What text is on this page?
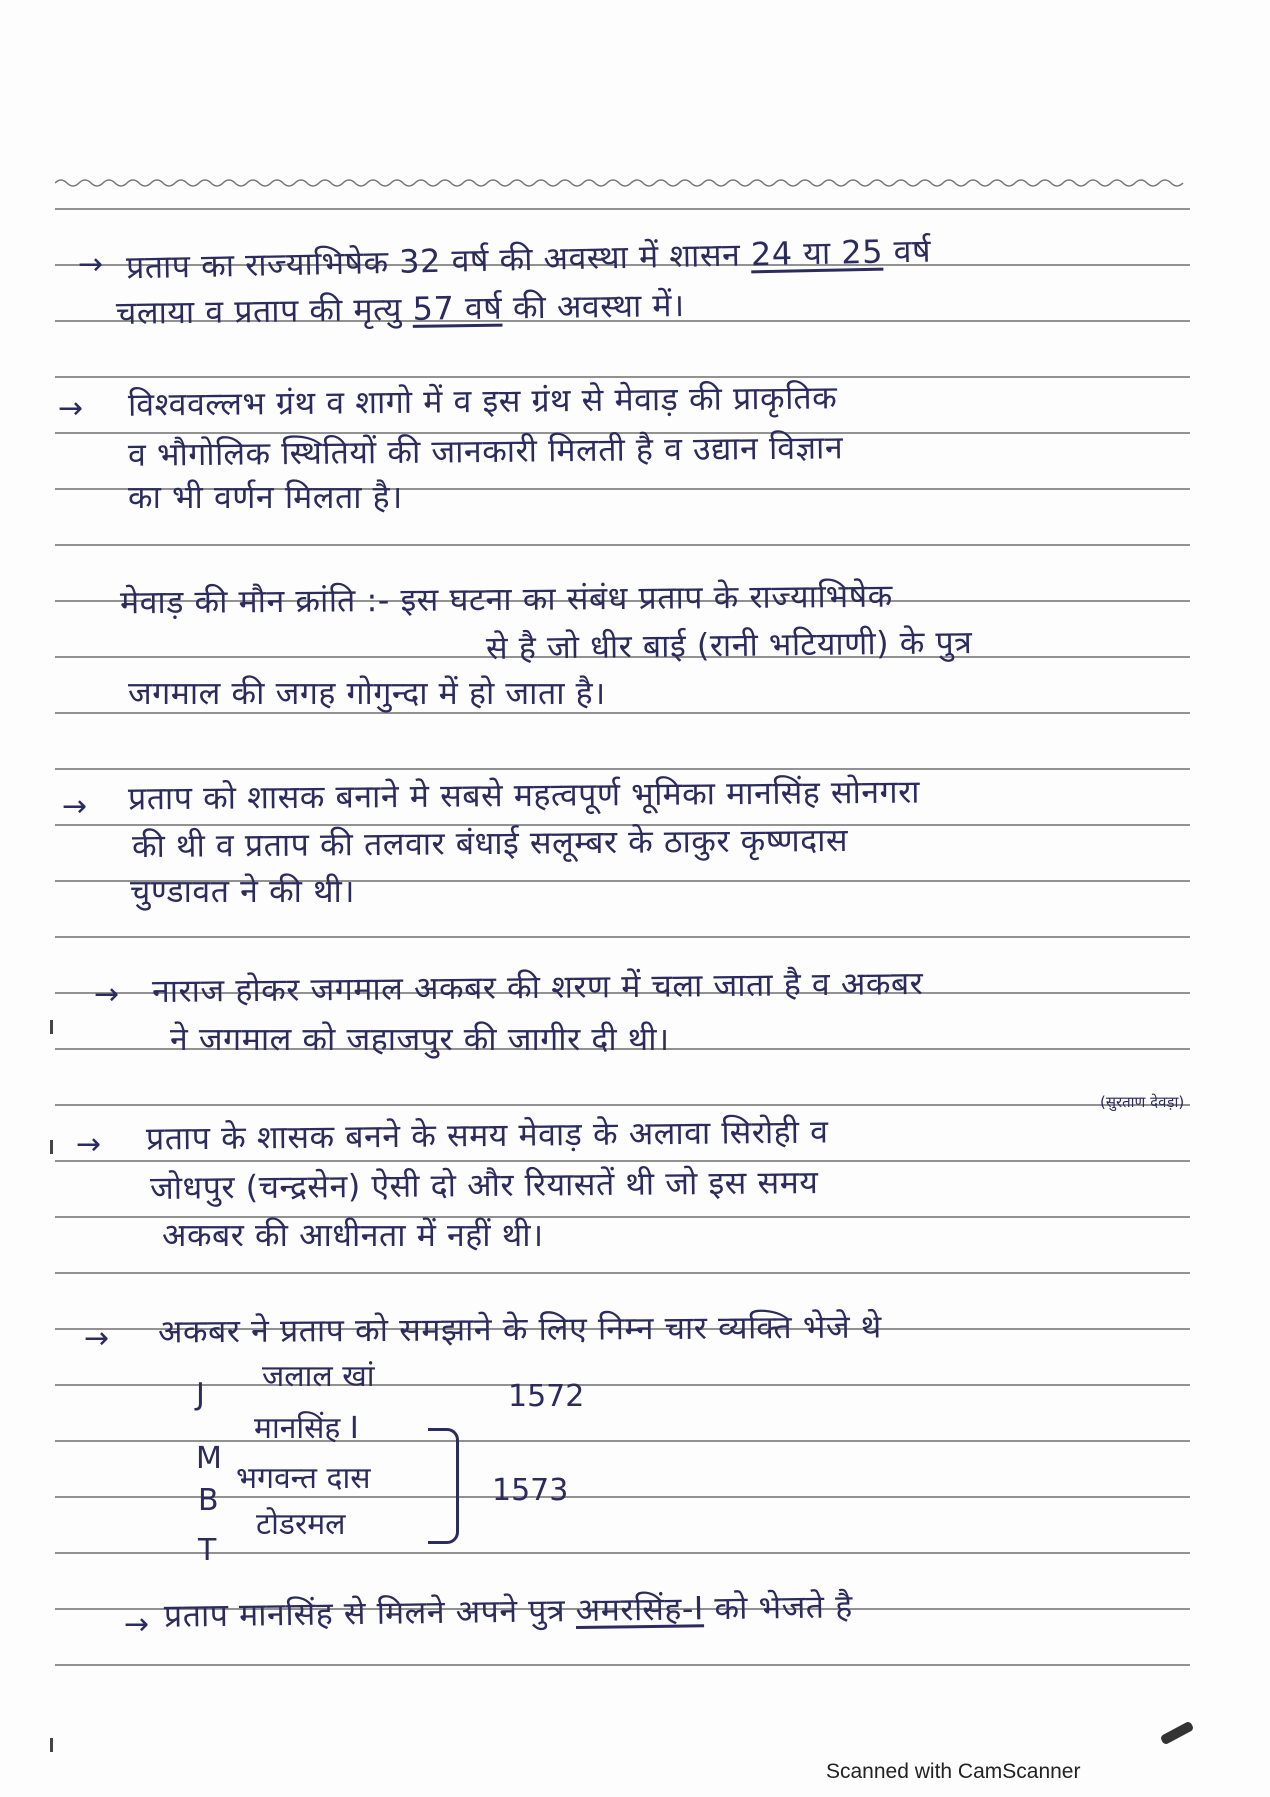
→ प्रताप का राज्याभिषेक 32 वर्ष की अवस्था में शासन 24 या 25 वर्ष
चलाया व प्रताप की मृत्यु 57 वर्ष की अवस्था में।
→ विश्ववल्लभ ग्रंथ व शागो में व इस ग्रंथ से मेवाड़ की प्राकृतिक
व भौगोलिक स्थितियों की जानकारी मिलती है व उद्यान विज्ञान
का भी वर्णन मिलता है।
मेवाड़ की मौन क्रांति :- इस घटना का संबंध प्रताप के राज्याभिषेक
से है जो धीर बाई (रानी भटियाणी) के पुत्र
जगमाल की जगह गोगुन्दा में हो जाता है।
→ प्रताप को शासक बनाने मे सबसे महत्वपूर्ण भूमिका मानसिंह सोनगरा
की थी व प्रताप की तलवार बंधाई सलूम्बर के ठाकुर कृष्णदास
चुण्डावत ने की थी।
→ नाराज होकर जगमाल अकबर की शरण में चला जाता है व अकबर
ने जगमाल को जहाजपुर की जागीर दी थी।
→ प्रताप के शासक बनने के समय मेवाड़ के अलावा सिरोही व
(सुरताण देवड़ा)
जोधपुर (चन्द्रसेन) ऐसी दो और रियासतें थी जो इस समय
अकबर की आधीनता में नहीं थी।
→ अकबर ने प्रताप को समझाने के लिए निम्न चार व्यक्ति भेजे थे
J
जलाल खां
M
मानसिंह I
B
भगवन्त दास
T
टोडरमल
1572
1573
→ प्रताप मानसिंह से मिलने अपने पुत्र अमरसिंह-I को भेजते है
Scanned with CamScanner
